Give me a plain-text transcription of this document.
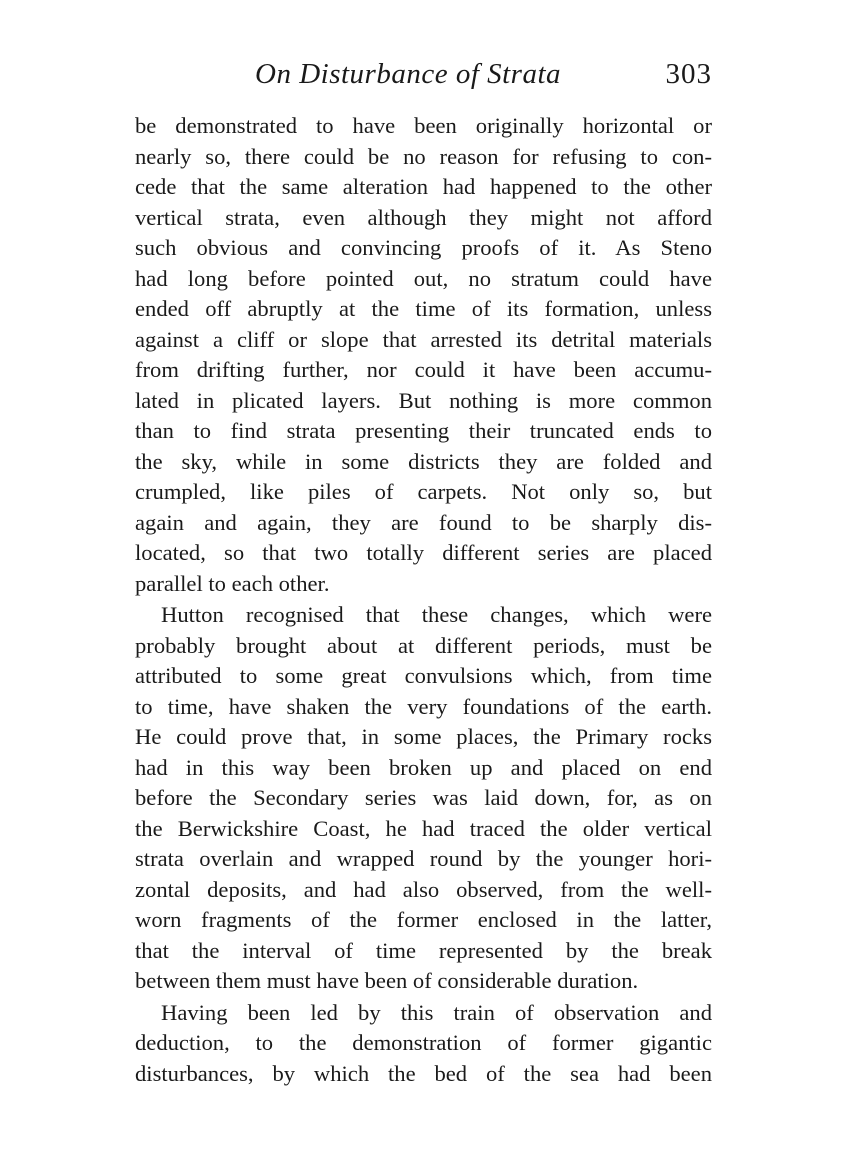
On Disturbance of Strata	303
be demonstrated to have been originally horizontal or
nearly so, there could be no reason for refusing to con-
cede that the same alteration had happened to the other
vertical strata, even although they might not afford
such obvious and convincing proofs of it. As Steno
had long before pointed out, no stratum could have
ended off abruptly at the time of its formation, unless
against a cliff or slope that arrested its detrital materials
from drifting further, nor could it have been accumu-
lated in plicated layers. But nothing is more common
than to find strata presenting their truncated ends to
the sky, while in some districts they are folded and
crumpled, like piles of carpets. Not only so, but
again and again, they are found to be sharply dis-
located, so that two totally different series are placed
parallel to each other.
Hutton recognised that these changes, which were
probably brought about at different periods, must be
attributed to some great convulsions which, from time
to time, have shaken the very foundations of the earth.
He could prove that, in some places, the Primary rocks
had in this way been broken up and placed on end
before the Secondary series was laid down, for, as on
the Berwickshire Coast, he had traced the older vertical
strata overlain and wrapped round by the younger hori-
zontal deposits, and had also observed, from the well-
worn fragments of the former enclosed in the latter,
that the interval of time represented by the break
between them must have been of considerable duration.
Having been led by this train of observation and
deduction, to the demonstration of former gigantic
disturbances, by which the bed of the sea had been
